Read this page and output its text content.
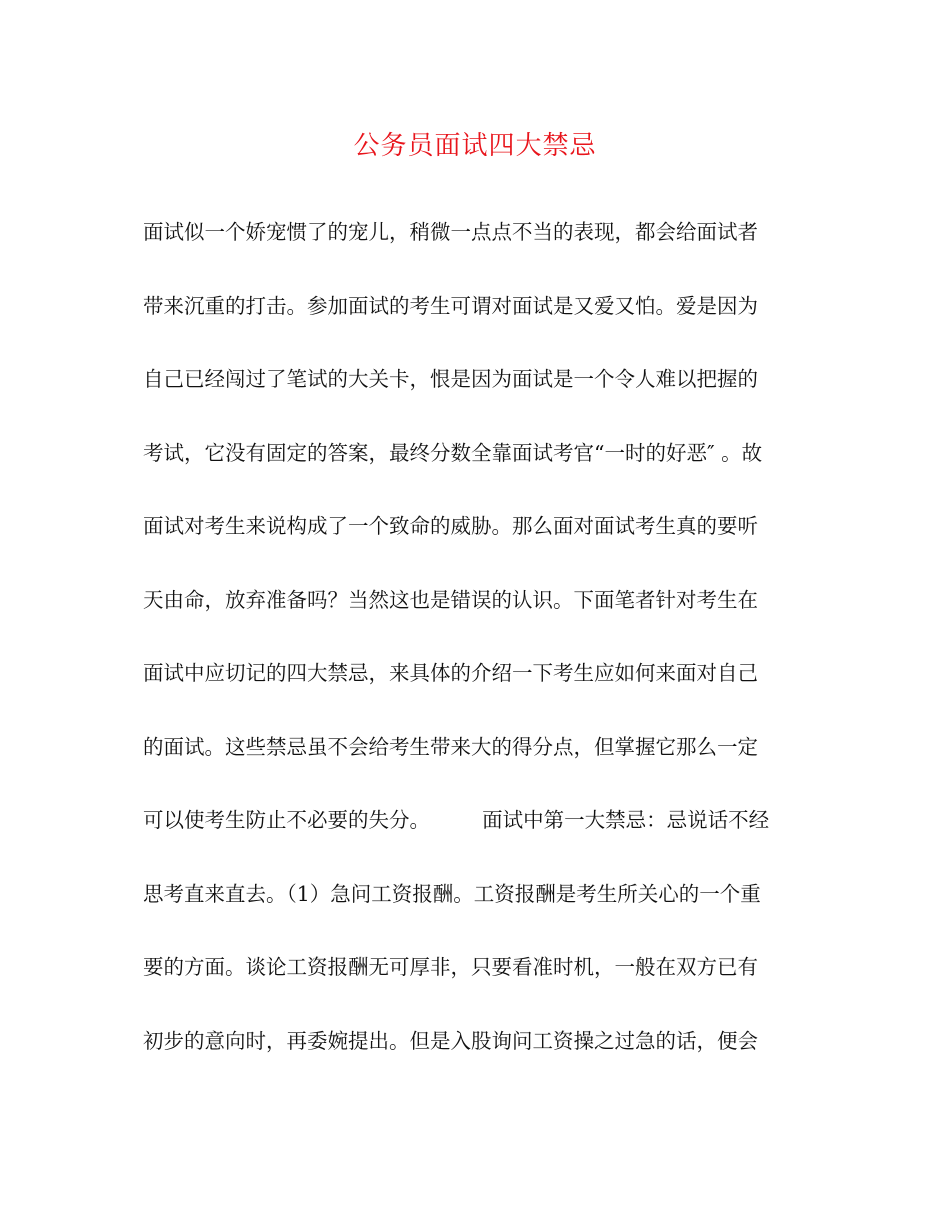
公务员面试四大禁忌
面试似一个娇宠惯了的宠儿，稍微一点点不当的表现，都会给面试者
带来沉重的打击。参加面试的考生可谓对面试是又爱又怕。爱是因为
自己已经闯过了笔试的大关卡，恨是因为面试是一个令人难以把握的
考试，它没有固定的答案，最终分数全靠面试考官“一时的好恶″ 。故
面试对考生来说构成了一个致命的威胁。那么面对面试考生真的要听
天由命，放弃准备吗？当然这也是错误的认识。下面笔者针对考生在
面试中应切记的四大禁忌，来具体的介绍一下考生应如何来面对自己
的面试。这些禁忌虽不会给考生带来大的得分点，但掌握它那么一定
可以使考生防止不必要的失分。        面试中第一大禁忌：忌说话不经
思考直来直去。（1）急问工资报酬。工资报酬是考生所关心的一个重
要的方面。谈论工资报酬无可厚非，只要看准时机，一般在双方已有
初步的意向时，再委婉提出。但是入股询问工资操之过急的话，便会
